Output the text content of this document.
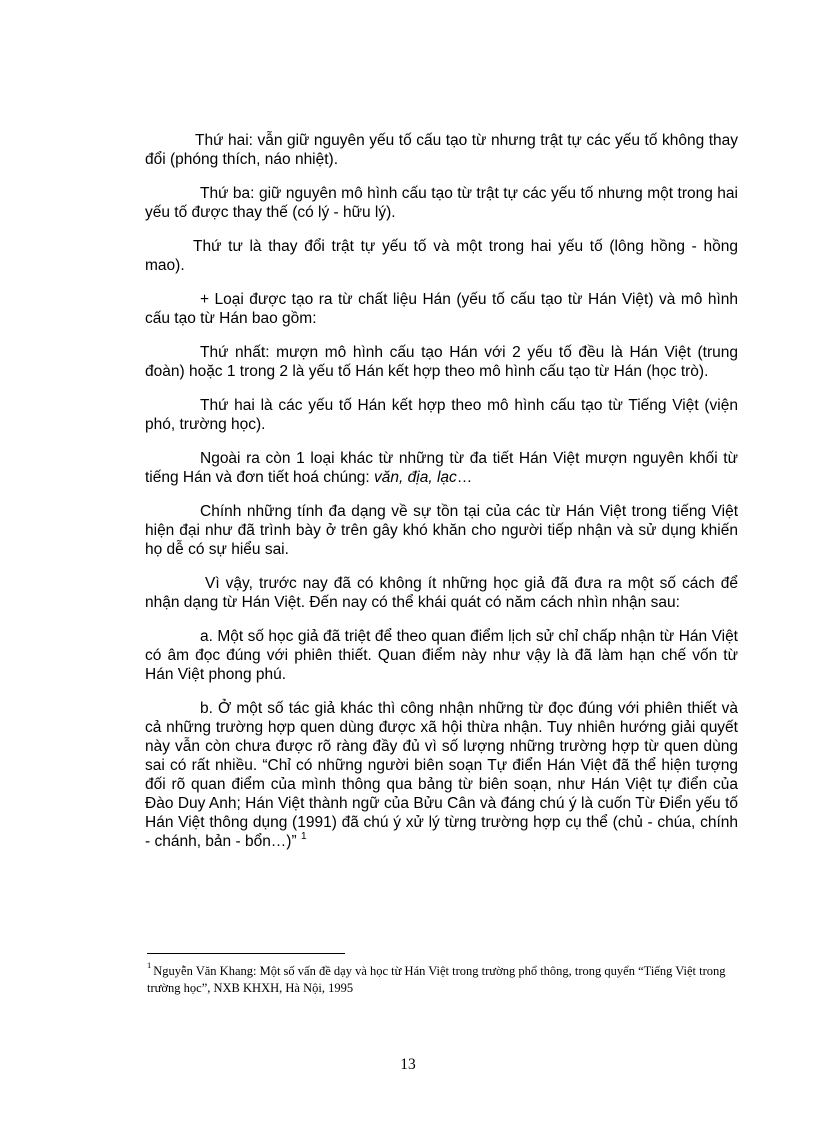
Thứ hai: vẫn giữ nguyên yếu tố cấu tạo từ nhưng trật tự các yếu tố không thay đổi (phóng thích, náo nhiệt).

Thứ ba: giữ nguyên mô hình cấu tạo từ trật tự các yếu tố nhưng một trong hai yếu tố được thay thế (có lý - hữu lý).

Thứ tư là thay đổi trật tự yếu tố và một trong hai yếu tố (lông hồng - hồng mao).

+ Loại được tạo ra từ chất liệu Hán (yếu tố cấu tạo từ Hán Việt) và mô hình cấu tạo từ Hán bao gồm:

Thứ nhất: mượn mô hình cấu tạo Hán với 2 yếu tố đều là Hán Việt (trung đoàn) hoặc 1 trong 2 là yếu tố Hán kết hợp theo mô hình cấu tạo từ Hán (học trò).

Thứ hai là các yếu tố Hán kết hợp theo mô hình cấu tạo từ Tiếng Việt (viện phó, trường học).

Ngoài ra còn 1 loại khác từ những từ đa tiết Hán Việt mượn nguyên khối từ tiếng Hán và đơn tiết hoá chúng: văn, địa, lạc…

Chính những tính đa dạng về sự tồn tại của các từ Hán Việt trong tiếng Việt hiện đại như đã trình bày ở trên gây khó khăn cho người tiếp nhận và sử dụng khiến họ dễ có sự hiểu sai.

Vì vậy, trước nay đã có không ít những học giả đã đưa ra một số cách để nhận dạng từ Hán Việt. Đến nay có thể khái quát có năm cách nhìn nhận sau:

a. Một số học giả đã triệt để theo quan điểm lịch sử chỉ chấp nhận từ Hán Việt có âm đọc đúng với phiên thiết. Quan điểm này như vậy là đã làm hạn chế vốn từ Hán Việt phong phú.

b. Ở một số tác giả khác thì công nhận những từ đọc đúng với phiên thiết và cả những trường hợp quen dùng được xã hội thừa nhận. Tuy nhiên hướng giải quyết này vẫn còn chưa được rõ ràng đầy đủ vì số lượng những trường hợp từ quen dùng sai có rất nhiều. “Chỉ có những người biên soạn Tự điển Hán Việt đã thể hiện tượng đối rõ quan điểm của mình thông qua bảng từ biên soạn, như Hán Việt tự điển của Đào Duy Anh; Hán Việt thành ngữ của Bửu Cân và đáng chú ý là cuốn Từ Điển yếu tố Hán Việt thông dụng (1991) đã chú ý xử lý từng trường hợp cụ thể (chủ - chúa, chính - chánh, bản - bổn…)” $^1$

$^1$ Nguyễn Văn Khang: Một số vấn đề dạy và học từ Hán Việt trong trường phổ thông, trong quyển “Tiếng Việt trong trường học”, NXB KHXH, Hà Nội, 1995
13
